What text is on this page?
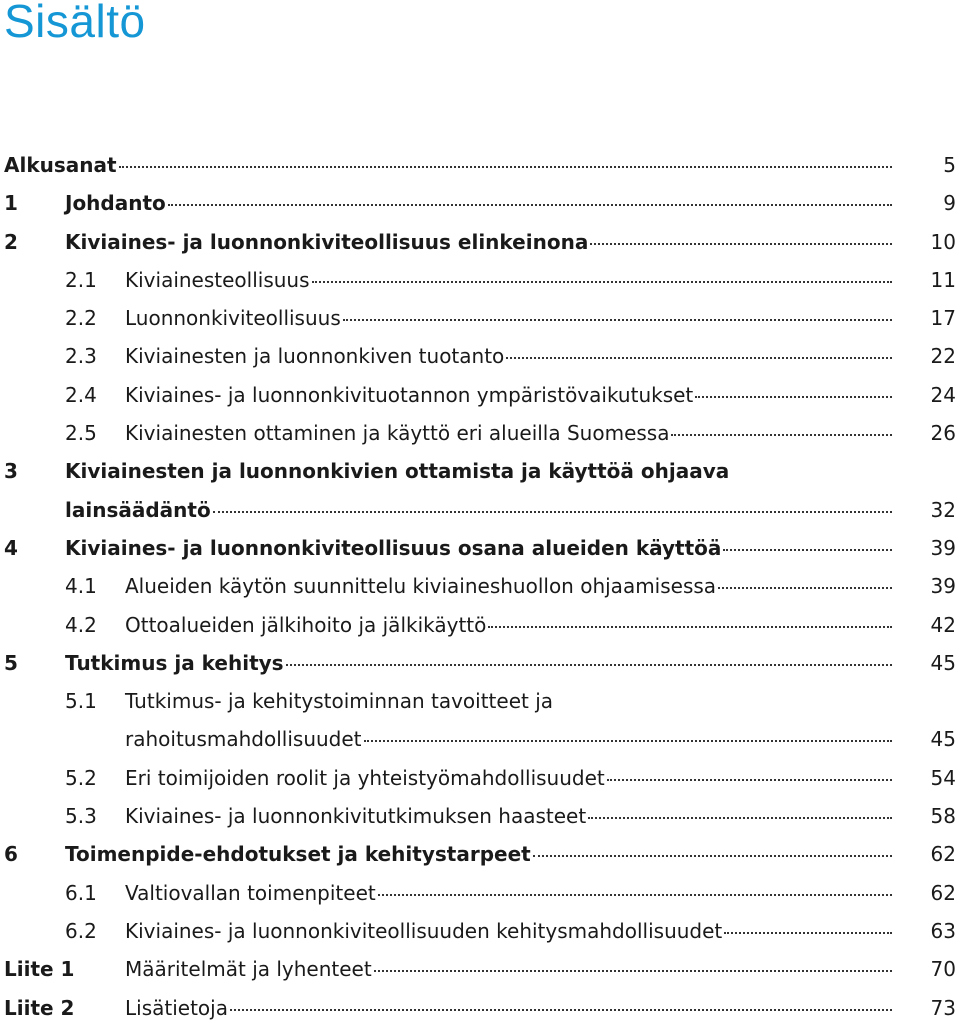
Sisältö
Alkusanat	5
1 Johdanto	9
2 Kiviaines- ja luonnonkiviteollisuus elinkeinona	10
2.1 Kiviainesteollisuus	11
2.2 Luonnonkiviteollisuus	17
2.3 Kiviainesten ja luonnonkiven tuotanto	22
2.4 Kiviaines- ja luonnonkivituotannon ympäristövaikutukset	24
2.5 Kiviainesten ottaminen ja käyttö eri alueilla Suomessa	26
3 Kiviainesten ja luonnonkivien ottamista ja käyttöä ohjaava
lainsäädäntö	32
4 Kiviaines- ja luonnonkiviteollisuus osana alueiden käyttöä	39
4.1 Alueiden käytön suunnittelu kiviaineshuollon ohjaamisessa	39
4.2 Ottoalueiden jälkihoito ja jälkikäyttö	42
5 Tutkimus ja kehitys	45
5.1 Tutkimus- ja kehitystoiminnan tavoitteet ja
rahoitusmahdollisuudet	45
5.2 Eri toimijoiden roolit ja yhteistyömahdollisuudet	54
5.3 Kiviaines- ja luonnonkivitutkimuksen haasteet	58
6 Toimenpide-ehdotukset ja kehitystarpeet	62
6.1 Valtiovallan toimenpiteet	62
6.2 Kiviaines- ja luonnonkiviteollisuuden kehitysmahdollisuudet	63
Liite 1	Määritelmät ja lyhenteet	70
Liite 2	Lisätietoja	73
